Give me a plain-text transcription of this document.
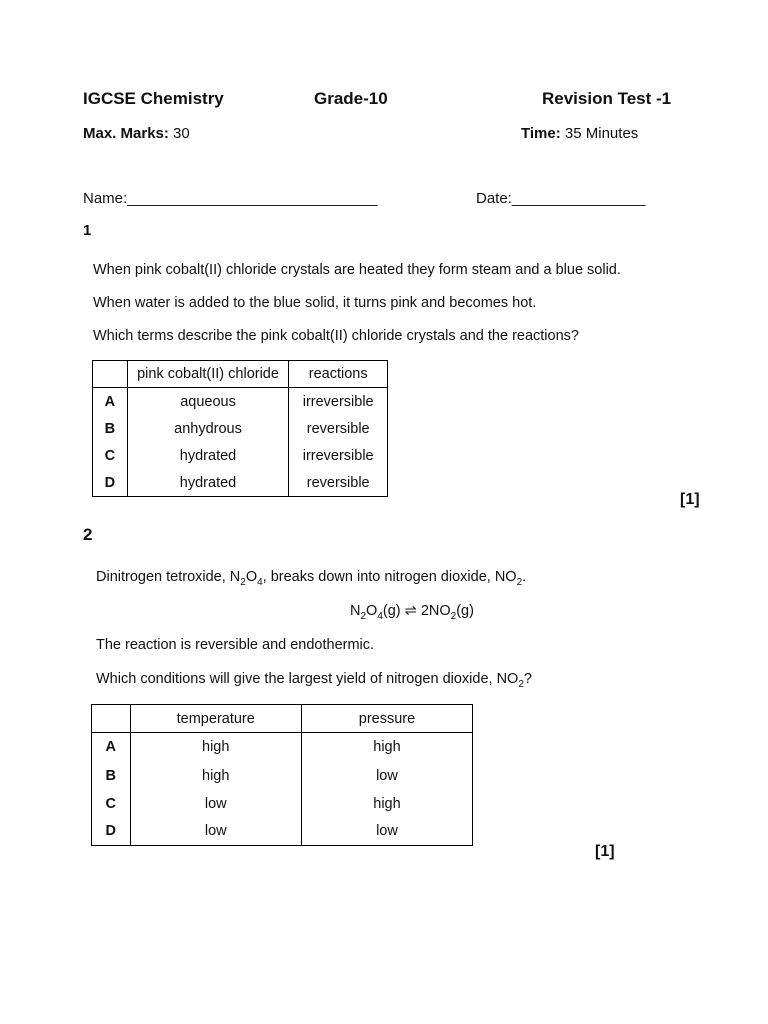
IGCSE Chemistry	Grade-10	Revision Test -1
Max. Marks: 30	Time: 35 Minutes
Name:______________________________	Date:________________
1
When pink cobalt(II) chloride crystals are heated they form steam and a blue solid.
When water is added to the blue solid, it turns pink and becomes hot.
Which terms describe the pink cobalt(II) chloride crystals and the reactions?
	pink cobalt(II) chloride	reactions
A	aqueous	irreversible
B	anhydrous	reversible
C	hydrated	irreversible
D	hydrated	reversible
[1]
2
Dinitrogen tetroxide, $N_2O_4$, breaks down into nitrogen dioxide, $NO_2$.
$N_2O_4(g)$ ⇌ $2NO_2(g)$
The reaction is reversible and endothermic.
Which conditions will give the largest yield of nitrogen dioxide, $NO_2$?
	temperature	pressure
A	high	high
B	high	low
C	low	high
D	low	low
[1]
